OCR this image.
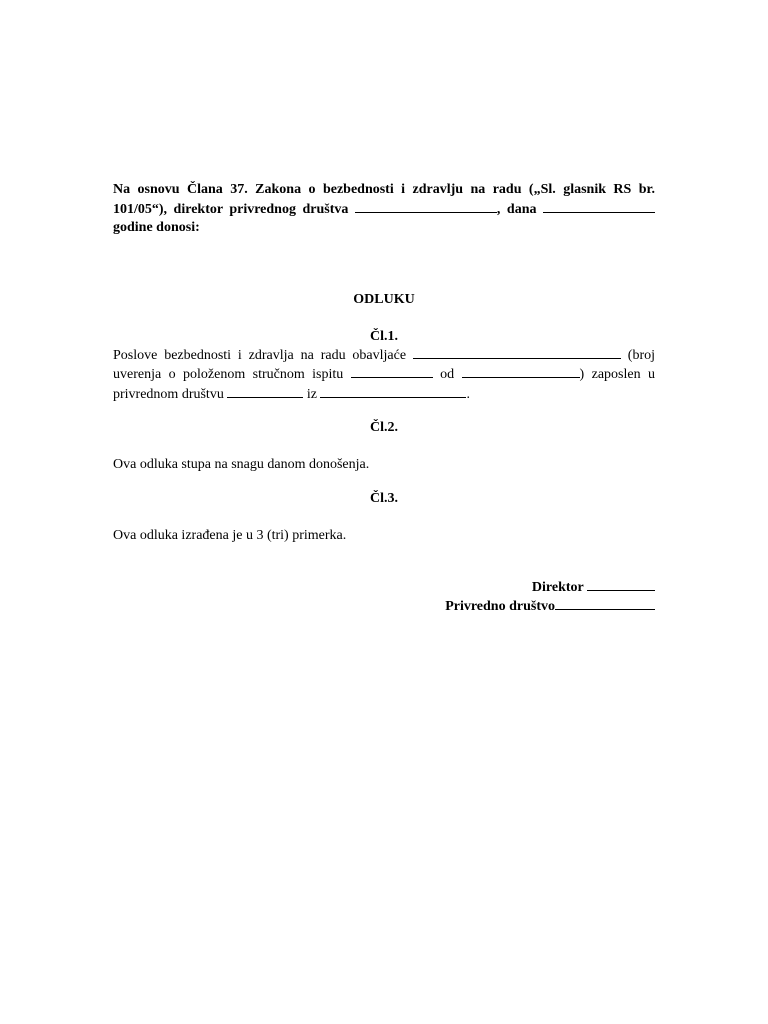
Na osnovu Člana 37. Zakona o bezbednosti i zdravlju na radu („Sl. glasnik RS br. 101/05“), direktor privrednog društva	, dana  godine donosi:

ODLUKU

Čl.1.

Poslove bezbednosti i zdravlja na radu obavljaće	(broj uverenja o položenom stručnom ispitu	od	) zaposlen u privrednom društvu	iz	.

Čl.2.

Ova odluka stupa na snagu danom donošenja.

Čl.3.

Ova odluka izrađena je u 3 (tri) primerka.

Direktor

Privredno društvo
